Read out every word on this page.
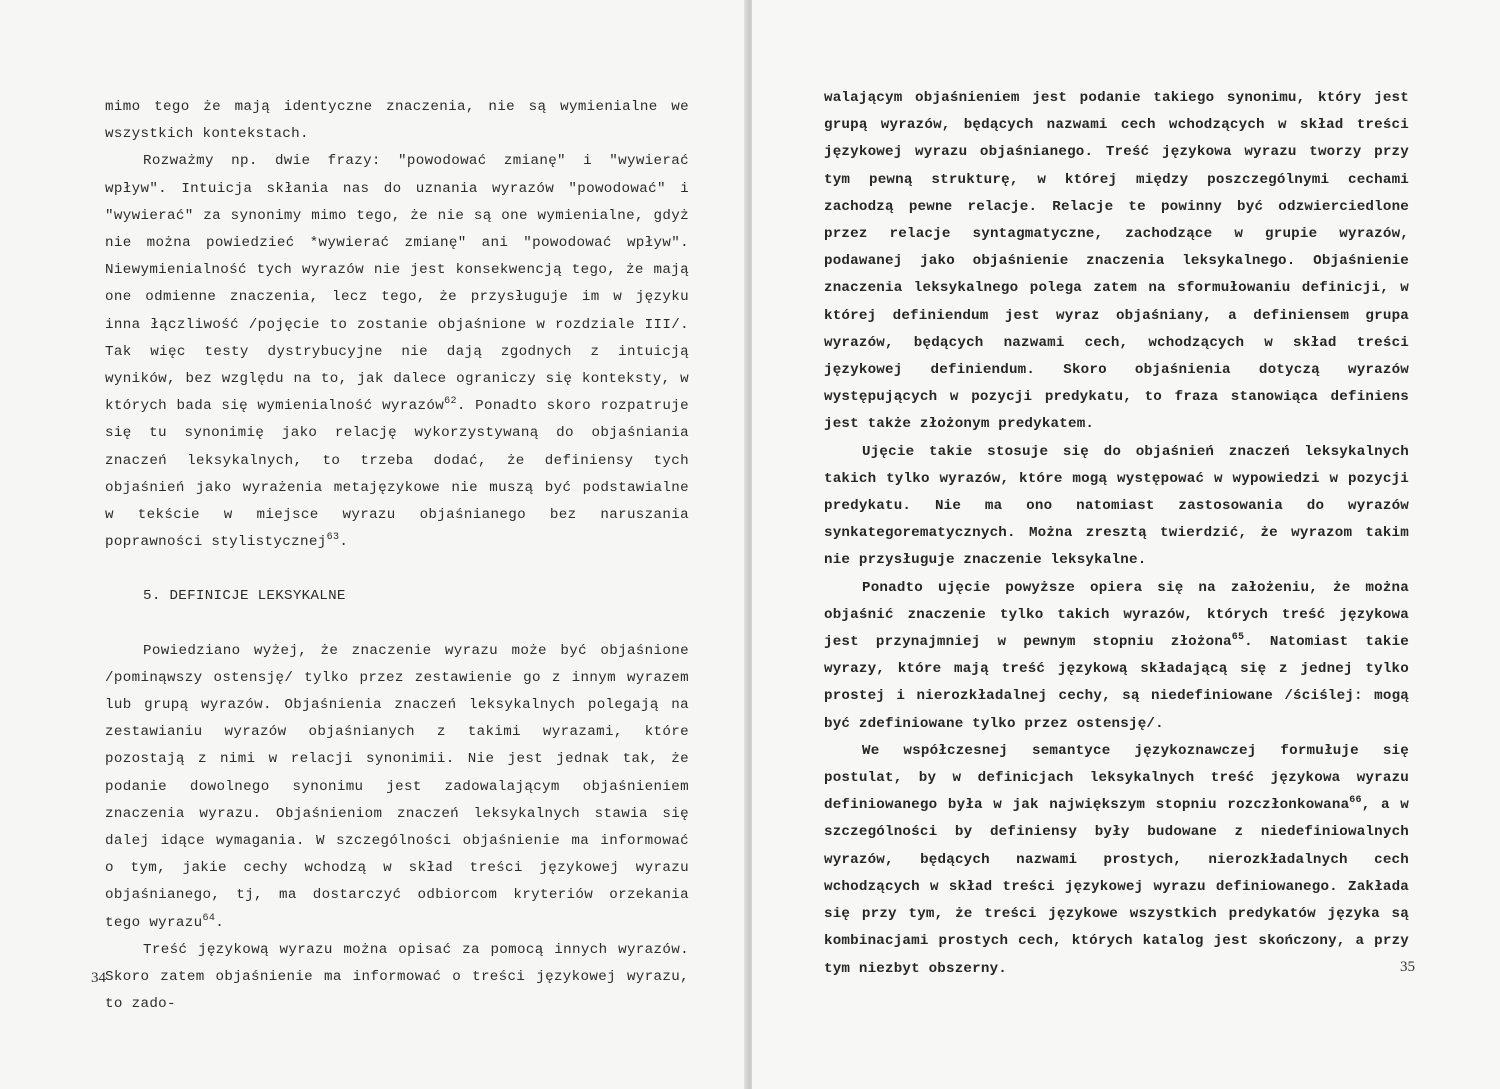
mimo tego że mają identyczne znaczenia, nie są wymienialne we wszystkich kontekstach.

Rozważmy np. dwie frazy: "powodować zmianę" i "wywierać wpływ". Intuicja skłania nas do uznania wyrazów "powodować" i "wywierać" za synonimy mimo tego, że nie są one wymienialne, gdyż nie można powiedzieć *wywierać zmianę" ani "powodować wpływ". Niewymienialność tych wyrazów nie jest konsekwencją tego, że mają one odmienne znaczenia, lecz tego, że przysługuje im w języku inna łączliwość /pojęcie to zostanie objaśnione w rozdziale III/. Tak więc testy dystrybucyjne nie dają zgodnych z intuicją wyników, bez względu na to, jak dalece ograniczy się konteksty, w których bada się wymienialność wyrazów$^{62}$. Ponadto skoro rozpatruje się tu synonimię jako relację wykorzystywaną do objaśniania znaczeń leksykalnych, to trzeba dodać, że definiensy tych objaśnień jako wyrażenia metajęzykowe nie muszą być podstawialne w tekście w miejsce wyrazu objaśnianego bez naruszania poprawności stylistycznej$^{63}$.

5. DEFINICJE LEKSYKALNE

Powiedziano wyżej, że znaczenie wyrazu może być objaśnione /pominąwszy ostensję/ tylko przez zestawienie go z innym wyrazem lub grupą wyrazów. Objaśnienia znaczeń leksykalnych polegają na zestawianiu wyrazów objaśnianych z takimi wyrazami, które pozostają z nimi w relacji synonimii. Nie jest jednak tak, że podanie dowolnego synonimu jest zadowalającym objaśnieniem znaczenia wyrazu. Objaśnieniom znaczeń leksykalnych stawia się dalej idące wymagania. W szczególności objaśnienie ma informować o tym, jakie cechy wchodzą w skład treści językowej wyrazu objaśnianego, tj, ma dostarczyć odbiorcom kryteriów orzekania tego wyrazu$^{64}$.

Treść językową wyrazu można opisać za pomocą innych wyrazów. Skoro zatem objaśnienie ma informować o treści językowej wyrazu, to zado-

34

walającym objaśnieniem jest podanie takiego synonimu, który jest grupą wyrazów, będących nazwami cech wchodzących w skład treści językowej wyrazu objaśnianego. Treść językowa wyrazu tworzy przy tym pewną strukturę, w której między poszczególnymi cechami zachodzą pewne relacje. Relacje te powinny być odzwierciedlone przez relacje syntagmatyczne, zachodzące w grupie wyrazów, podawanej jako objaśnienie znaczenia leksykalnego. Objaśnienie znaczenia leksykalnego polega zatem na sformułowaniu definicji, w której definiendum jest wyraz objaśniany, a definiensem grupa wyrazów, będących nazwami cech, wchodzących w skład treści językowej definiendum. Skoro objaśnienia dotyczą wyrazów występujących w pozycji predykatu, to fraza stanowiąca definiens jest także złożonym predykatem.

Ujęcie takie stosuje się do objaśnień znaczeń leksykalnych takich tylko wyrazów, które mogą występować w wypowiedzi w pozycji predykatu. Nie ma ono natomiast zastosowania do wyrazów synkategorematycznych. Można zresztą twierdzić, że wyrazom takim nie przysługuje znaczenie leksykalne.

Ponadto ujęcie powyższe opiera się na założeniu, że można objaśnić znaczenie tylko takich wyrazów, których treść językowa jest przynajmniej w pewnym stopniu złożona$^{65}$. Natomiast takie wyrazy, które mają treść językową składającą się z jednej tylko prostej i nierozkładalnej cechy, są niedefiniowane /ściślej: mogą być zdefiniowane tylko przez ostensję/.

We współczesnej semantyce językoznawczej formułuje się postulat, by w definicjach leksykalnych treść językowa wyrazu definiowanego była w jak największym stopniu rozczłonkowana$^{66}$, a w szczególności by definiensy były budowane z niedefiniowalnych wyrazów, będących nazwami prostych, nierozkładalnych cech wchodzących w skład treści językowej wyrazu definiowanego. Zakłada się przy tym, że treści językowe wszystkich predykatów języka są kombinacjami prostych cech, których katalog jest skończony, a przy tym niezbyt obszerny.	35
